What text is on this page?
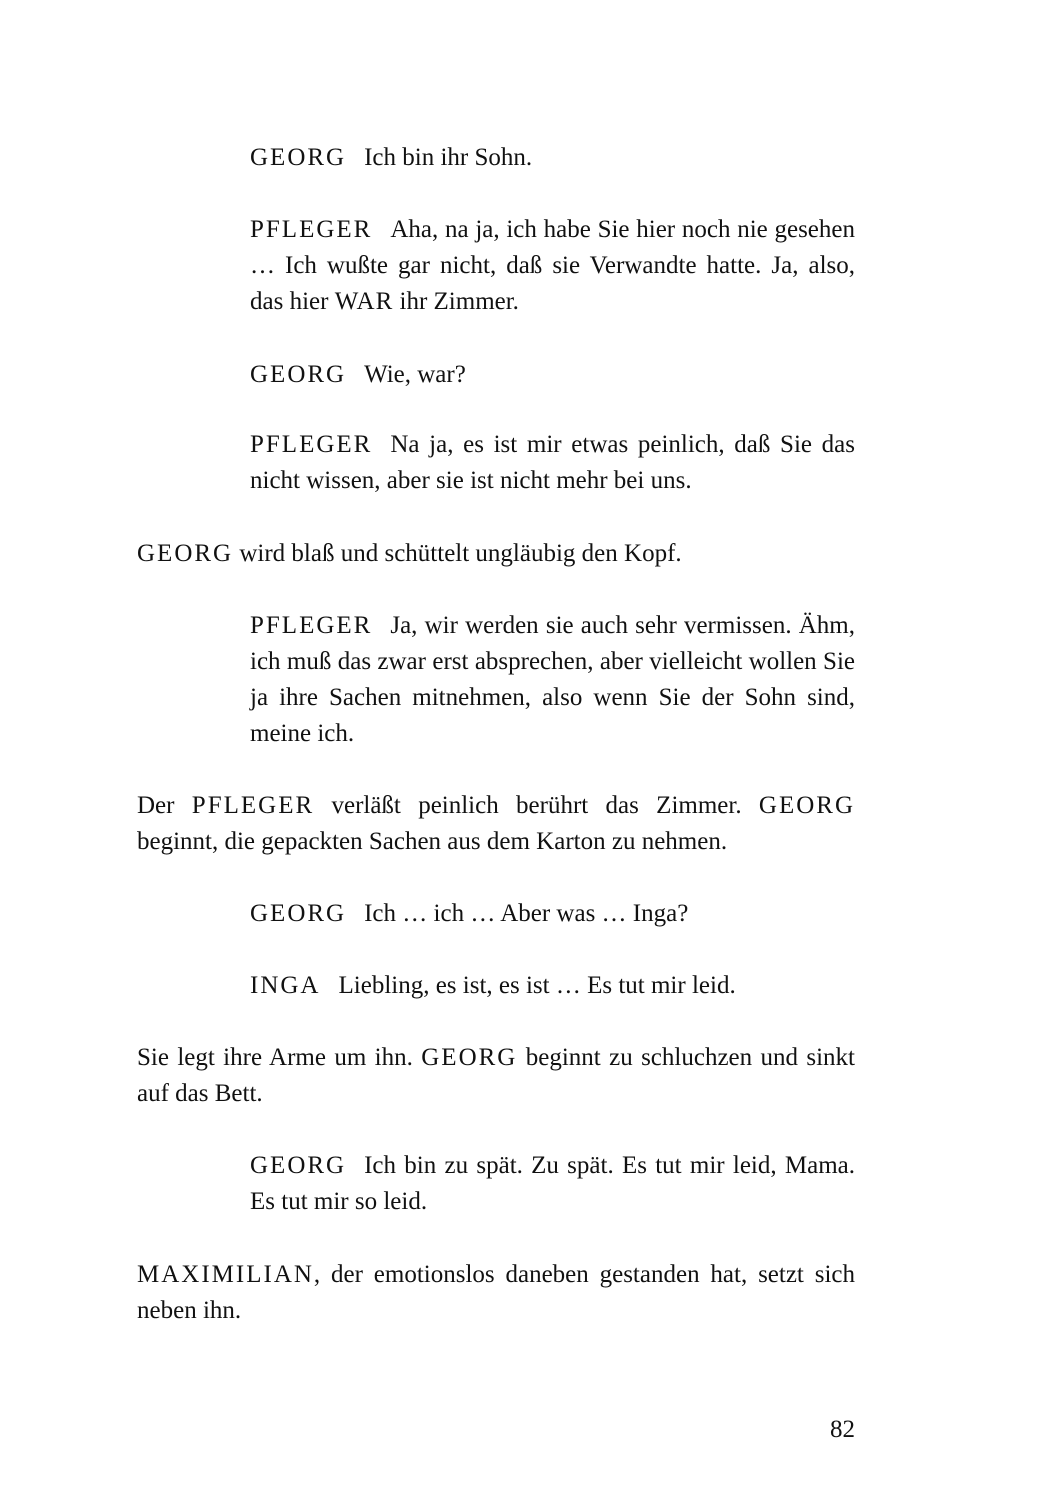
GEORG Ich bin ihr Sohn.

PFLEGER Aha, na ja, ich habe Sie hier noch nie gesehen … Ich wußte gar nicht, daß sie Verwandte hatte. Ja, also, das hier WAR ihr Zimmer.

GEORG Wie, war?

PFLEGER Na ja, es ist mir etwas peinlich, daß Sie das nicht wissen, aber sie ist nicht mehr bei uns.

GEORG wird blaß und schüttelt ungläubig den Kopf.

PFLEGER Ja, wir werden sie auch sehr vermissen. Ähm, ich muß das zwar erst absprechen, aber vielleicht wollen Sie ja ihre Sachen mitnehmen, also wenn Sie der Sohn sind, meine ich.

Der PFLEGER verläßt peinlich berührt das Zimmer. GEORG beginnt, die gepackten Sachen aus dem Karton zu nehmen.

GEORG Ich … ich … Aber was … Inga?

INGA Liebling, es ist, es ist … Es tut mir leid.

Sie legt ihre Arme um ihn. GEORG beginnt zu schluchzen und sinkt auf das Bett.

GEORG Ich bin zu spät. Zu spät. Es tut mir leid, Mama. Es tut mir so leid.

MAXIMILIAN, der emotionslos daneben gestanden hat, setzt sich neben ihn.

82
